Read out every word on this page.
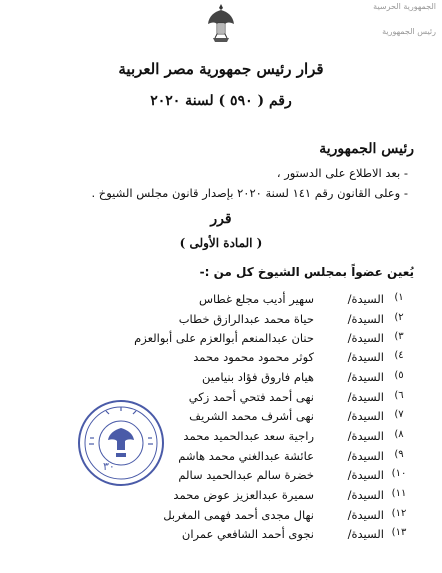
الجمهورية الحرسية
رئيس الجمهورية
قرار رئيس جمهورية مصر العربية
رقم ( ٥٩٠ ) لسنة ٢٠٢٠
رئيس الجمهورية
- بعد الاطلاع على الدستور ،
- وعلى القانون رقم ١٤١ لسنة ٢٠٢٠ بإصدار قانون مجلس الشيوخ .
قرر
( المادة الأولى )
يُعين عضواً بمجلس الشيوخ كل من :-
١)
السيدة/
سهير أديب مجلع غطاس
٢)
السيدة/
حياة محمد عبدالرازق خطاب
٣)
السيدة/
حنان عبدالمنعم أبوالعزم على أبوالعزم
٤)
السيدة/
كوثر محمود محمود محمد
٥)
السيدة/
هيام فاروق فؤاد بنيامين
٦)
السيدة/
نهى أحمد فتحي أحمد زكي
٧)
السيدة/
نهى أشرف محمد الشريف
٨)
السيدة/
راجية سعد عبدالحميد محمد
٩)
السيدة/
عائشة عبدالغني محمد هاشم
١٠)
السيدة/
خضرة سالم عبدالحميد سالم
١١)
السيدة/
سميرة عبدالعزيز عوض محمد
١٢)
السيدة/
نهال مجدى أحمد فهمى المغربل
١٣)
السيدة/
نجوى أحمد الشافعي عمران
٣٠
